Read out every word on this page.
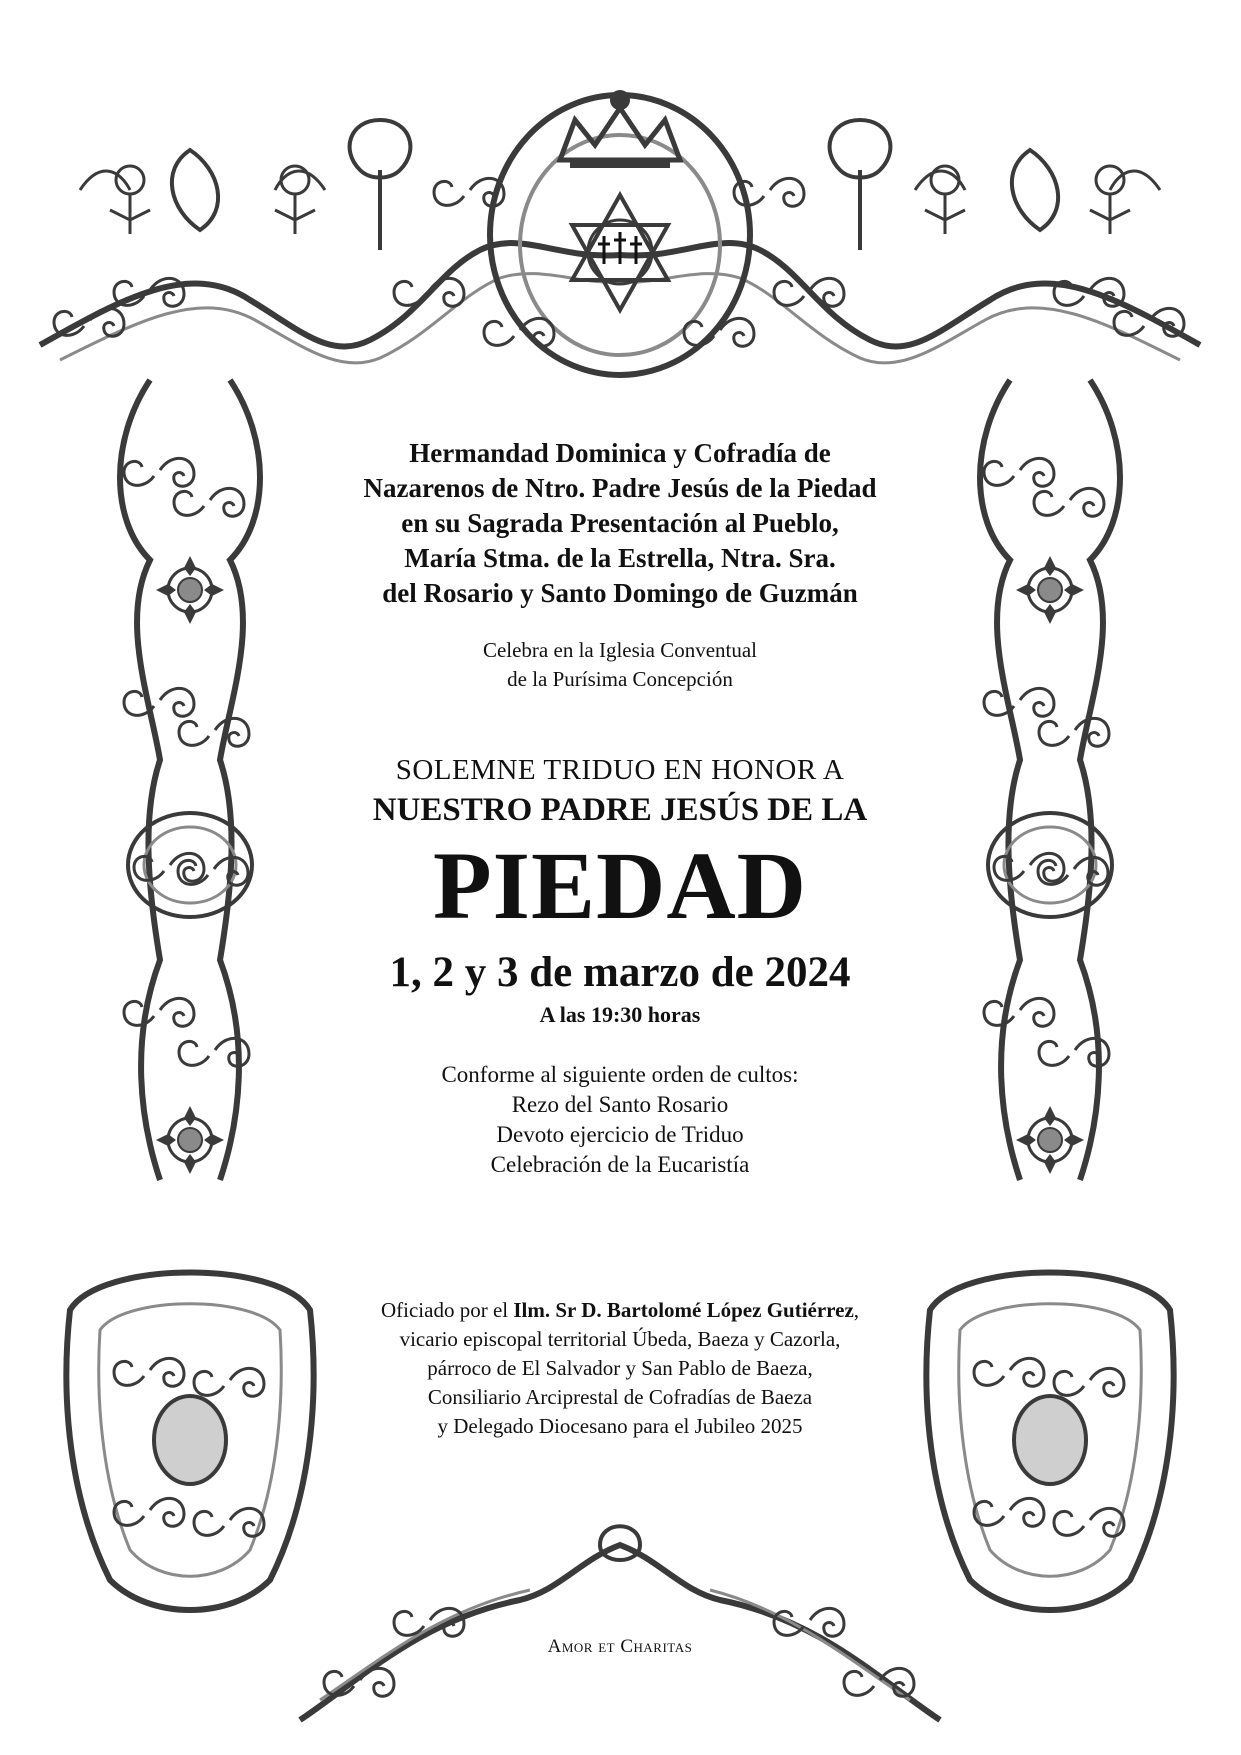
Hermandad Dominica y Cofradía de
Nazarenos de Ntro. Padre Jesús de la Piedad
en su Sagrada Presentación al Pueblo,
María Stma. de la Estrella, Ntra. Sra.
del Rosario y Santo Domingo de Guzmán
Celebra en la Iglesia Conventual
de la Purísima Concepción
SOLEMNE TRIDUO EN HONOR A
NUESTRO PADRE JESÚS DE LA
PIEDAD
1, 2 y 3 de marzo de 2024
A las 19:30 horas
Conforme al siguiente orden de cultos:
Rezo del Santo Rosario
Devoto ejercicio de Triduo
Celebración de la Eucaristía
Oficiado por el Ilm. Sr D. Bartolomé López Gutiérrez,
vicario episcopal territorial Úbeda, Baeza y Cazorla,
párroco de El Salvador y San Pablo de Baeza,
Consiliario Arciprestal de Cofradías de Baeza
y Delegado Diocesano para el Jubileo 2025
Amor et Charitas
